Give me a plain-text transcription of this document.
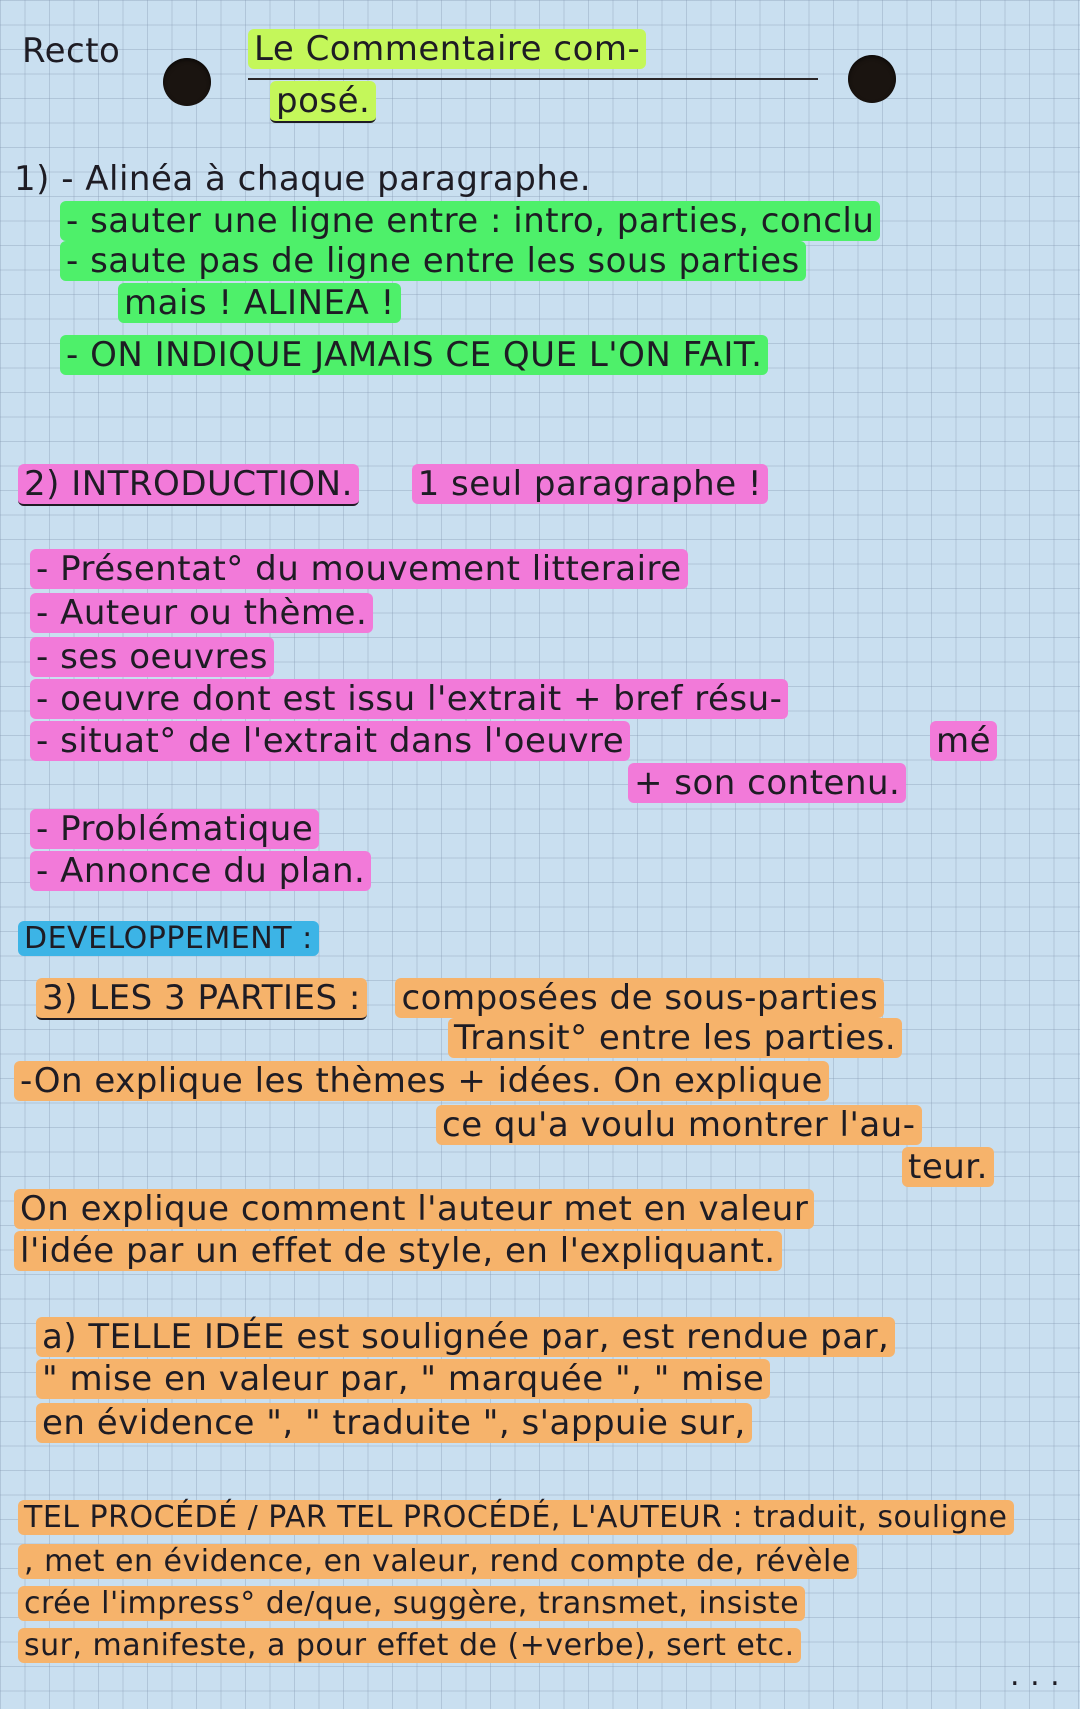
Recto	Le Commentaire com-
posé.
1) - Alinéa à chaque paragraphe.
- sauter une ligne entre : intro, parties, conclu
- saute pas de ligne entre les sous parties
mais ! ALINEA !
- ON INDIQUE JAMAIS CE QUE L'ON FAIT.
2) INTRODUCTION. 1 seul paragraphe !
- Présentat° du mouvement litteraire
- Auteur ou thème.
- ses oeuvres
- oeuvre dont est issu l'extrait + bref résu-
- situat° de l'extrait dans l'oeuvre	mé
+ son contenu.
- Problématique
- Annonce du plan.
DEVELOPPEMENT :
3) LES 3 PARTIES : composées de sous-parties
Transit° entre les parties.
-On explique les thèmes + idées. On explique
ce qu'a voulu montrer l'au-
teur.
On explique comment l'auteur met en valeur
l'idée par un effet de style, en l'expliquant.
a) TELLE IDÉE est soulignée par, est rendue par,
" mise en valeur par, " marquée ", " mise
en évidence ", " traduite ", s'appuie sur,
TEL PROCÉDÉ / PAR TEL PROCÉDÉ, L'AUTEUR : traduit, souligne
, met en évidence, en valeur, rend compte de, révèle
crée l'impress° de/que, suggère, transmet, insiste
sur, manifeste, a pour effet de (+verbe), sert etc.
. . .
